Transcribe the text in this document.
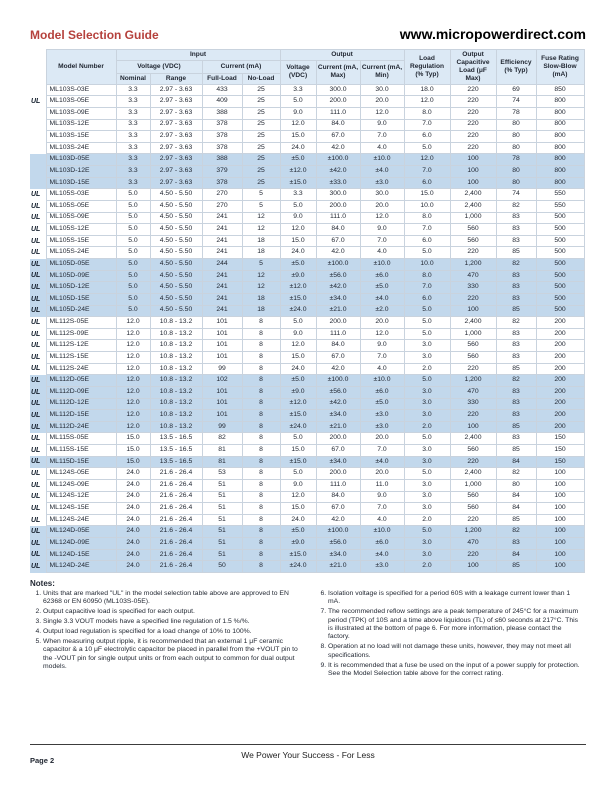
Model Selection Guide	www.micropowerdirect.com
	Model Number	Input				Output			Load Regulation (% Typ)	Output Capacitive Load (μF Max)	Efficiency (% Typ)	Fuse Rating Slow-Blow (mA)
		Voltage (VDC)		Current (mA)		Voltage (VDC)	Current (mA, Max)	Current (mA, Min)				
		Nominal	Range	Full-Load	No-Load							
	ML103S-03E	3.3	2.97 - 3.63	433	25	3.3	300.0	30.0	18.0	220	69	850
UL	ML103S-05E	3.3	2.97 - 3.63	409	25	5.0	200.0	20.0	12.0	220	74	800
	ML103S-09E	3.3	2.97 - 3.63	388	25	9.0	111.0	12.0	8.0	220	78	800
	ML103S-12E	3.3	2.97 - 3.63	378	25	12.0	84.0	9.0	7.0	220	80	800
	ML103S-15E	3.3	2.97 - 3.63	378	25	15.0	67.0	7.0	6.0	220	80	800
	ML103S-24E	3.3	2.97 - 3.63	378	25	24.0	42.0	4.0	5.0	220	80	800
	ML103D-05E	3.3	2.97 - 3.63	388	25	±5.0	±100.0	±10.0	12.0	100	78	800
	ML103D-12E	3.3	2.97 - 3.63	379	25	±12.0	±42.0	±4.0	7.0	100	80	800
	ML103D-15E	3.3	2.97 - 3.63	378	25	±15.0	±33.0	±3.0	6.0	100	80	800
UL	ML105S-03E	5.0	4.50 - 5.50	270	5	3.3	300.0	30.0	15.0	2,400	74	550
UL	ML105S-05E	5.0	4.50 - 5.50	270	5	5.0	200.0	20.0	10.0	2,400	82	550
UL	ML105S-09E	5.0	4.50 - 5.50	241	12	9.0	111.0	12.0	8.0	1,000	83	500
UL	ML105S-12E	5.0	4.50 - 5.50	241	12	12.0	84.0	9.0	7.0	560	83	500
UL	ML105S-15E	5.0	4.50 - 5.50	241	18	15.0	67.0	7.0	6.0	560	83	500
UL	ML105S-24E	5.0	4.50 - 5.50	241	18	24.0	42.0	4.0	5.0	220	85	500
UL	ML105D-05E	5.0	4.50 - 5.50	244	5	±5.0	±100.0	±10.0	10.0	1,200	82	500
UL	ML105D-09E	5.0	4.50 - 5.50	241	12	±9.0	±56.0	±6.0	8.0	470	83	500
UL	ML105D-12E	5.0	4.50 - 5.50	241	12	±12.0	±42.0	±5.0	7.0	330	83	500
UL	ML105D-15E	5.0	4.50 - 5.50	241	18	±15.0	±34.0	±4.0	6.0	220	83	500
UL	ML105D-24E	5.0	4.50 - 5.50	241	18	±24.0	±21.0	±2.0	5.0	100	85	500
UL	ML112S-05E	12.0	10.8 - 13.2	101	8	5.0	200.0	20.0	5.0	2,400	82	200
UL	ML112S-09E	12.0	10.8 - 13.2	101	8	9.0	111.0	12.0	5.0	1,000	83	200
UL	ML112S-12E	12.0	10.8 - 13.2	101	8	12.0	84.0	9.0	3.0	560	83	200
UL	ML112S-15E	12.0	10.8 - 13.2	101	8	15.0	67.0	7.0	3.0	560	83	200
UL	ML112S-24E	12.0	10.8 - 13.2	99	8	24.0	42.0	4.0	2.0	220	85	200
UL	ML112D-05E	12.0	10.8 - 13.2	102	8	±5.0	±100.0	±10.0	5.0	1,200	82	200
UL	ML112D-09E	12.0	10.8 - 13.2	101	8	±9.0	±56.0	±6.0	3.0	470	83	200
UL	ML112D-12E	12.0	10.8 - 13.2	101	8	±12.0	±42.0	±5.0	3.0	330	83	200
UL	ML112D-15E	12.0	10.8 - 13.2	101	8	±15.0	±34.0	±3.0	3.0	220	83	200
UL	ML112D-24E	12.0	10.8 - 13.2	99	8	±24.0	±21.0	±3.0	2.0	100	85	200
UL	ML115S-05E	15.0	13.5 - 16.5	82	8	5.0	200.0	20.0	5.0	2,400	83	150
UL	ML115S-15E	15.0	13.5 - 16.5	81	8	15.0	67.0	7.0	3.0	560	85	150
UL	ML115D-15E	15.0	13.5 - 16.5	81	8	±15.0	±34.0	±4.0	3.0	220	84	150
UL	ML124S-05E	24.0	21.6 - 26.4	53	8	5.0	200.0	20.0	5.0	2,400	82	100
UL	ML124S-09E	24.0	21.6 - 26.4	51	8	9.0	111.0	11.0	3.0	1,000	80	100
UL	ML124S-12E	24.0	21.6 - 26.4	51	8	12.0	84.0	9.0	3.0	560	84	100
UL	ML124S-15E	24.0	21.6 - 26.4	51	8	15.0	67.0	7.0	3.0	560	84	100
UL	ML124S-24E	24.0	21.6 - 26.4	51	8	24.0	42.0	4.0	2.0	220	85	100
UL	ML124D-05E	24.0	21.6 - 26.4	51	8	±5.0	±100.0	±10.0	5.0	1,200	82	100
UL	ML124D-09E	24.0	21.6 - 26.4	51	8	±9.0	±56.0	±6.0	3.0	470	83	100
UL	ML124D-15E	24.0	21.6 - 26.4	51	8	±15.0	±34.0	±4.0	3.0	220	84	100
UL	ML124D-24E	24.0	21.6 - 26.4	50	8	±24.0	±21.0	±3.0	2.0	100	85	100
Notes:
1. Units that are marked "UL" in the model selection table above are approved to EN 62368 or EN 60950 (ML103S-05E).
2. Output capacitive load is specified for each output.
3. Single 3.3 VOUT models have a specified line regulation of 1.5 %/%.
4. Output load regulation is specified for a load change of 10% to 100%.
5. When measuring output ripple, it is recommended that an external 1 μF ceramic capacitor & a 10 μF electrolytic capacitor be placed in parallel from the +VOUT pin to the -VOUT pin for single output units or from each output to common for dual output models.
6. Isolation voltage is specified for a period 60S with a leakage current lower than 1 mA.
7. The recommended reflow settings are a peak temperature of 245°C for a maximum period (TPK) of 10S and a time above liquidous (TL) of ≤60 seconds at 217°C. This is illustrated at the bottom of page 6. For more information, please contact the factory.
8. Operation at no load will not damage these units, however, they may not meet all specifications.
9. It is recommended that a fuse be used on the input of a power supply for protection. See the Model Selection table above for the correct rating.
Page 2
We Power Your Success - For Less
